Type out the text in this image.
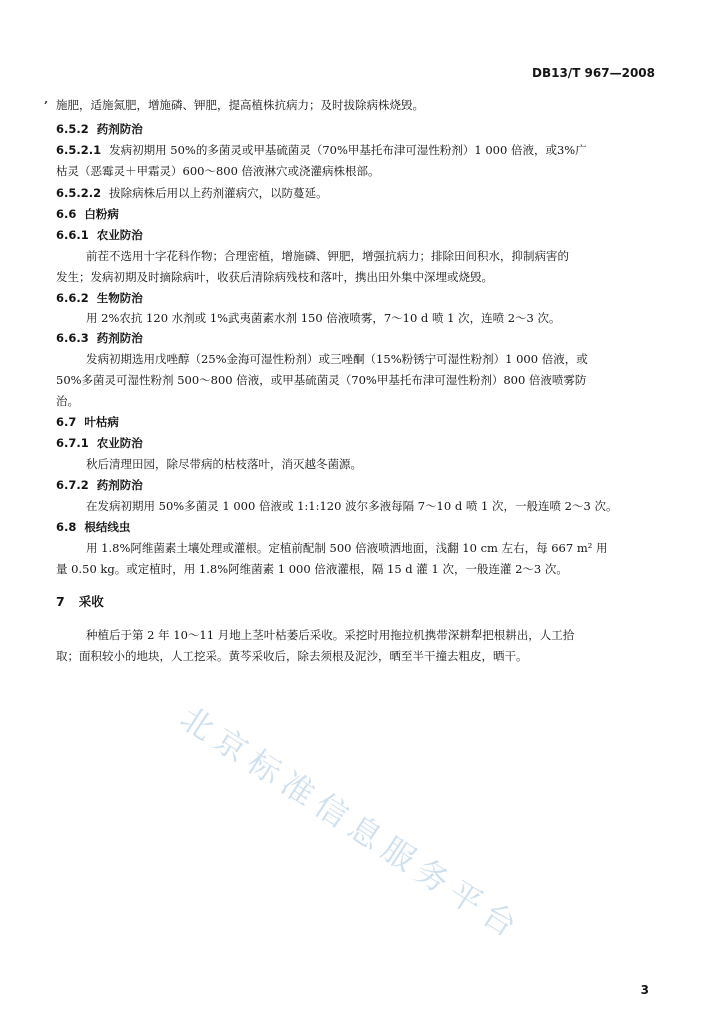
DB13/T 967—2008
’ 施肥，适施氮肥，增施磷、钾肥，提高植株抗病力；及时拔除病株烧毁。
6.5.2 药剂防治
6.5.2.1 发病初期用 50%的多菌灵或甲基硫菌灵（70%甲基托布津可湿性粉剂）1 000 倍液，或3%广
枯灵（恶霉灵＋甲霜灵）600～800 倍液淋穴或浇灌病株根部。
6.5.2.2 拔除病株后用以上药剂灌病穴，以防蔓延。
6.6 白粉病
6.6.1 农业防治
前茬不选用十字花科作物；合理密植，增施磷、钾肥，增强抗病力；排除田间积水，抑制病害的
发生；发病初期及时摘除病叶，收获后清除病残枝和落叶，携出田外集中深埋或烧毁。
6.6.2 生物防治
用 2%农抗 120 水剂或 1%武夷菌素水剂 150 倍液喷雾，7～10 d 喷 1 次，连喷 2～3 次。
6.6.3 药剂防治
发病初期选用戊唑醇（25%金海可湿性粉剂）或三唑酮（15%粉锈宁可湿性粉剂）1 000 倍液，或
50%多菌灵可湿性粉剂 500～800 倍液，或甲基硫菌灵（70%甲基托布津可湿性粉剂）800 倍液喷雾防
治。
6.7 叶枯病
6.7.1 农业防治
秋后清理田园，除尽带病的枯枝落叶，消灭越冬菌源。
6.7.2 药剂防治
在发病初期用 50%多菌灵 1 000 倍液或 1:1:120 波尔多液每隔 7～10 d 喷 1 次，一般连喷 2～3 次。
6.8 根结线虫
用 1.8%阿维菌素土壤处理或灌根。定植前配制 500 倍液喷洒地面，浅翻 10 cm 左右，每 667 m² 用
量 0.50 kg。或定植时，用 1.8%阿维菌素 1 000 倍液灌根，隔 15 d 灌 1 次，一般连灌 2～3 次。
7 采收
种植后于第 2 年 10～11 月地上茎叶枯萎后采收。采挖时用拖拉机携带深耕犁把根耕出，人工拾
取；面积较小的地块，人工挖采。黄芩采收后，除去须根及泥沙，晒至半干撞去粗皮，晒干。
北京标准信息服务平台
3
